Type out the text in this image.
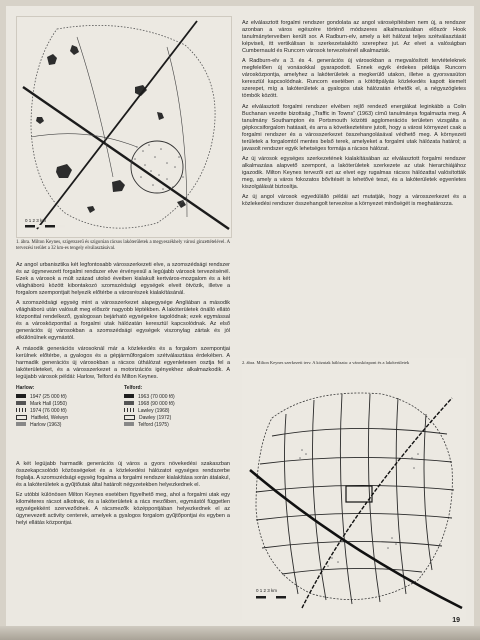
0 1 2 3 km
1. ábra. Milton Keynes, szigetszerű és szigorúan rácsos lakóterületek a megyeszékhely városi ginzettételével. A tervezési terület a 32 km-es tengely elválasztásával.

Az angol urbanisztika két legfontosabb városszerkezeti elve, a szomszédsági rendszer és az úgynevezett forgalmi rendszer elve érvényesül a legújabb városok tervezésénél. Ezek a városok a múlt század utolsó éveiben kialakult kertváros-mozgalom és a két világháború között kibontakozó szomszédsági egységek elveit ötvözik, illetve a forgalom szempontjait helyezik előtérbe a városrészek kialakításánál.

A szomszédsági egység mint a városszerkezet alapegysége Angliában a második világháború után valósult meg először nagyobb léptékben. A lakóterületek önálló ellátó központtal rendelkező, gyalogosan bejárható egységekre tagolódnak; ezek egymással és a városközponttal a forgalmi utak hálózatán keresztül kapcsolódnak. Az első generációs új városokban a szomszédsági egységek viszonylag zártak és jól elkülönülnek egymástól.

A második generációs városoknál már a közlekedés és a forgalom szempontjai kerülnek előtérbe, a gyalogos és a gépjárműforgalom szétválasztása érdekében. A harmadik generációs új városokban a rácsos úthálózat egyenletesen osztja fel a lakóterületeket, és a városszerkezet a motorizációs igényekhez alkalmazkodik. A legújabb városok példái: Harlow, Telford és Milton Keynes.

Harlow:
1947 (25 000 fő)
Mark Hall (1950)
1974 (76 000 fő)
Hatfield, Welwyn
Harlow (1963)
Telford:
1963 (70 000 fő)
1968 (90 000 fő)
Lawley (1968)
Dawley (1972)
Telford (1975)

A két legújabb harmadik generációs új város a gyors növekedési szakaszban összekapcsolódó közösségeket és a közlekedési hálózatot egységes rendszerbe foglalja. A szomszédsági egység fogalma a forgalmi rendszer kialakítása során átalakul, és a lakóterületek a gyűjtőutak által határolt négyzetekben helyezkednek el.

Ez utóbbi különösen Milton Keynes esetében figyelhető meg, ahol a forgalmi utak egy kilométeres rácsot alkotnak, és a lakóterületek a rács mezőiben, egymástól független egységekként szerveződnek. A rácsmezők középpontjában helyezkednek el az úgynevezett activity centerek, amelyek a gyalogos forgalom gyűjtőpontjai és egyben a helyi ellátás központjai.

Az elválasztott forgalmi rendszer gondolata az angol városépítésben nem új, a rendszer azonban a város egészére történő módszeres alkalmazásában először Hook tanulmányterveiben került sor. A Radburn-elv, amely a két hálózat teljes szétválasztását képviseli, itt vertikálisan is szerkezetalakító szerephez jut. Az elvet a valóságban Cumbernauld és Runcorn városok tervezésénél alkalmazták.

A Radburn-elv a 3. és 4. generációs új városokban a megvalósított tervtételeknek megfelelően új vonásokkal gyarapodott. Ennek egyik érdekes példája Runcorn városközpontja, amelyhez a lakóterületek a megkerülő utakon, illetve a gyorsvasúton keresztül kapcsolódnak. Runcorn esetében a kötöttpályás közlekedés kapott kiemelt szerepet, míg a lakóterületek a gyalogos utak hálózatán érhetők el, a négyszögletes tömbök között.

Az elválasztott forgalmi rendszer elvében rejlő rendező energiákat leginkább a Colin Buchanan vezette bizottság „Traffic in Towns” (1963) című tanulmánya fogalmazta meg. A tanulmány Southampton és Portsmouth közötti agglomerációs területen vizsgálta a gépkocsiforgalom hatásait, és arra a következtetésre jutott, hogy a városi környezet csak a forgalmi rendszer és a városszerkezet összehangolásával védhető meg. A környezeti területek a forgalomtól mentes belső terek, amelyeket a forgalmi utak hálózata határol; a javasolt rendszer egyik lehetséges formája a rácsos hálózat.

Az új városok egységes szerkezetének kialakításában az elválasztott forgalmi rendszer alkalmazása alapvető szempont, a lakóterületek szerkezete az utak hierarchiájához igazodik. Milton Keynes tervezői ezt az elvet egy rugalmas rácsos hálózattal valósították meg, amely a város fokozatos bővítését is lehetővé teszi, és a lakóterületek egyenletes kiszolgálását biztosítja.

Az új angol városok egyedülálló példái azt mutatják, hogy a városszerkezet és a közlekedési rendszer összehangolt tervezése a környezet minőségét is meghatározza.

2. ábra. Milton Keynes szerkezeti terv. A közutak hálózata: a városközpont és a lakóterületek
0 1 2 3 km
19
